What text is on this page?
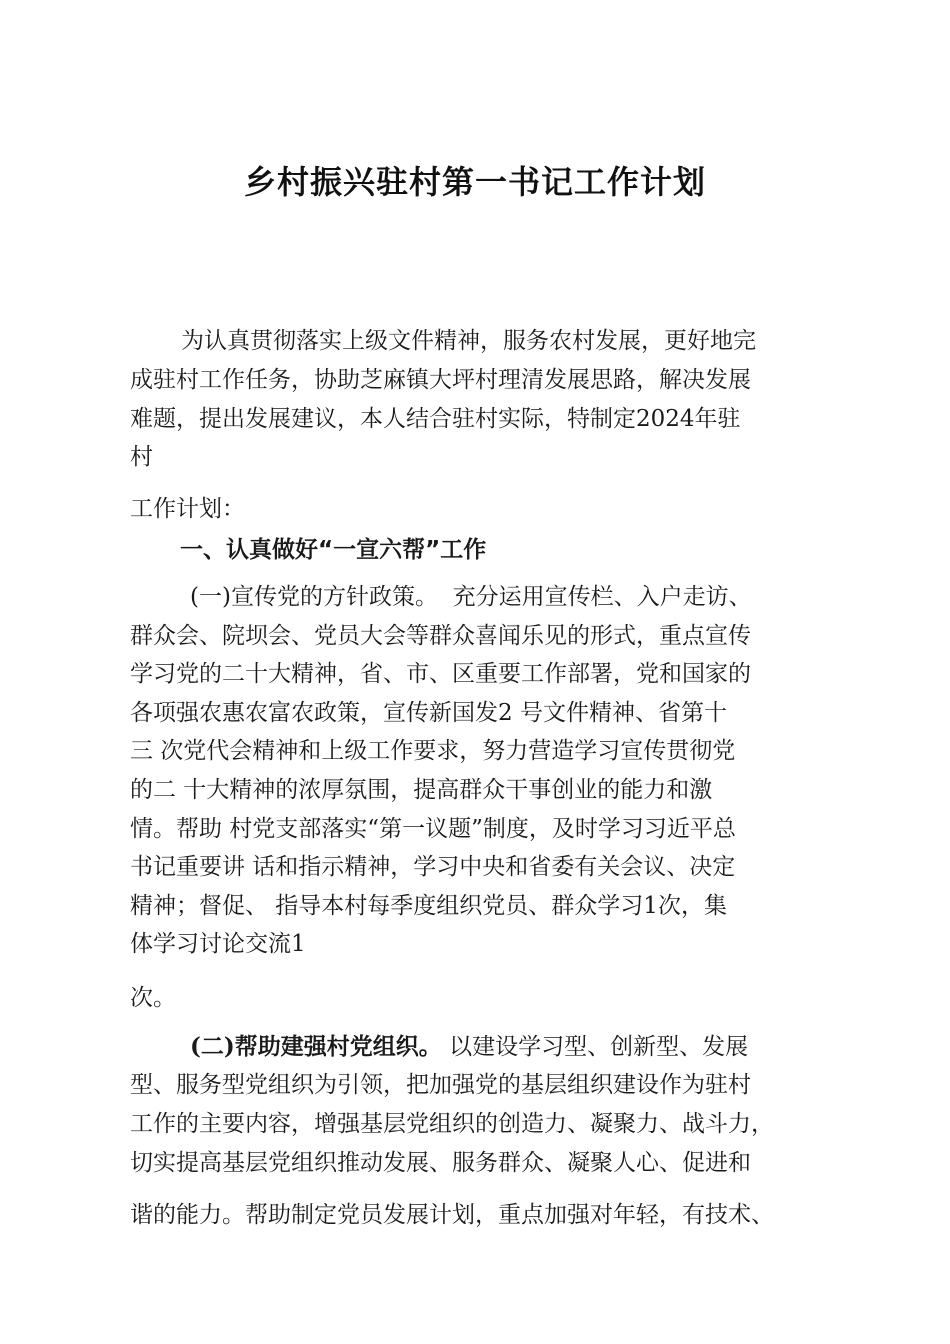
乡村振兴驻村第一书记工作计划
为认真贯彻落实上级文件精神，服务农村发展，更好地完
成驻村工作任务，协助芝麻镇大坪村理清发展思路，解决发展
难题，提出发展建议，本人结合驻村实际，特制定2024年驻
村
工作计划：
一、认真做好“一宣六帮”工作
(一)宣传党的方针政策。  充分运用宣传栏、入户走访、
群众会、院坝会、党员大会等群众喜闻乐见的形式，重点宣传
学习党的二十大精神，省、市、区重要工作部署，党和国家的
各项强农惠农富农政策，宣传新国发2 号文件精神、省第十
三 次党代会精神和上级工作要求，努力营造学习宣传贯彻党
的二 十大精神的浓厚氛围，提高群众干事创业的能力和激
情。帮助 村党支部落实“第一议题”制度，及时学习习近平总
书记重要讲 话和指示精神，学习中央和省委有关会议、决定
精神；督促、 指导本村每季度组织党员、群众学习1次，集
体学习讨论交流1
次。
(二)帮助建强村党组织。 以建设学习型、创新型、发展
型、服务型党组织为引领，把加强党的基层组织建设作为驻村
工作的主要内容，增强基层党组织的创造力、凝聚力、战斗力，
切实提高基层党组织推动发展、服务群众、凝聚人心、促进和
谐的能力。帮助制定党员发展计划，重点加强对年轻，有技术、
